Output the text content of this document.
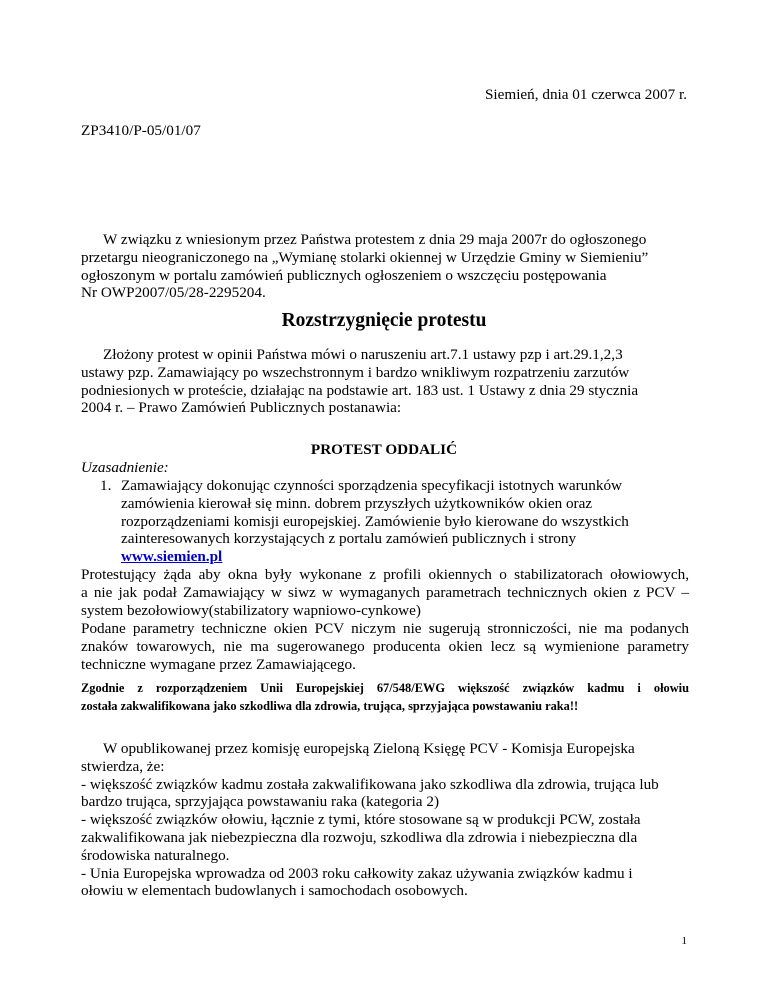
Siemień, dnia 01 czerwca 2007 r.
ZP3410/P-05/01/07
W związku z wniesionym przez Państwa protestem z dnia 29 maja 2007r do ogłoszonego
przetargu nieograniczonego na „Wymianę stolarki okiennej w Urzędzie Gminy w Siemieniu”
ogłoszonym w portalu zamówień publicznych ogłoszeniem o wszczęciu postępowania
Nr OWP2007/05/28-2295204.
Rozstrzygnięcie protestu
Złożony protest w opinii Państwa mówi o naruszeniu art.7.1 ustawy pzp i art.29.1,2,3
ustawy pzp. Zamawiający po wszechstronnym i bardzo wnikliwym rozpatrzeniu zarzutów
podniesionych w proteście, działając na podstawie art. 183 ust. 1 Ustawy z dnia 29 stycznia
2004 r. – Prawo Zamówień Publicznych postanawia:
PROTEST ODDALIĆ
Uzasadnienie:
1. Zamawiający dokonując czynności sporządzenia specyfikacji istotnych warunków
zamówienia kierował się minn. dobrem przyszłych użytkowników okien oraz
rozporządzeniami komisji europejskiej. Zamówienie było kierowane do wszystkich
zainteresowanych korzystających z portalu zamówień publicznych i strony
www.siemien.pl
Protestujący żąda aby okna były wykonane z profili okiennych o stabilizatorach ołowiowych,
a nie jak podał Zamawiający w siwz w wymaganych parametrach technicznych okien z PCV –
system bezołowiowy(stabilizatory wapniowo-cynkowe)
Podane parametry techniczne okien PCV niczym nie sugerują stronniczości, nie ma podanych
znaków towarowych, nie ma sugerowanego producenta okien lecz są wymienione parametry
techniczne wymagane przez Zamawiającego.
Zgodnie z rozporządzeniem Unii Europejskiej 67/548/EWG większość związków kadmu i ołowiu
została zakwalifikowana jako szkodliwa dla zdrowia, trująca, sprzyjająca powstawaniu raka!!
W opublikowanej przez komisję europejską Zieloną Księgę PCV - Komisja Europejska
stwierdza, że:
- większość związków kadmu została zakwalifikowana jako szkodliwa dla zdrowia, trująca lub
bardzo trująca, sprzyjająca powstawaniu raka (kategoria 2)
- większość związków ołowiu, łącznie z tymi, które stosowane są w produkcji PCW, została
zakwalifikowana jak niebezpieczna dla rozwoju, szkodliwa dla zdrowia i niebezpieczna dla
środowiska naturalnego.
- Unia Europejska wprowadza od 2003 roku całkowity zakaz używania związków kadmu i
ołowiu w elementach budowlanych i samochodach osobowych.
1
